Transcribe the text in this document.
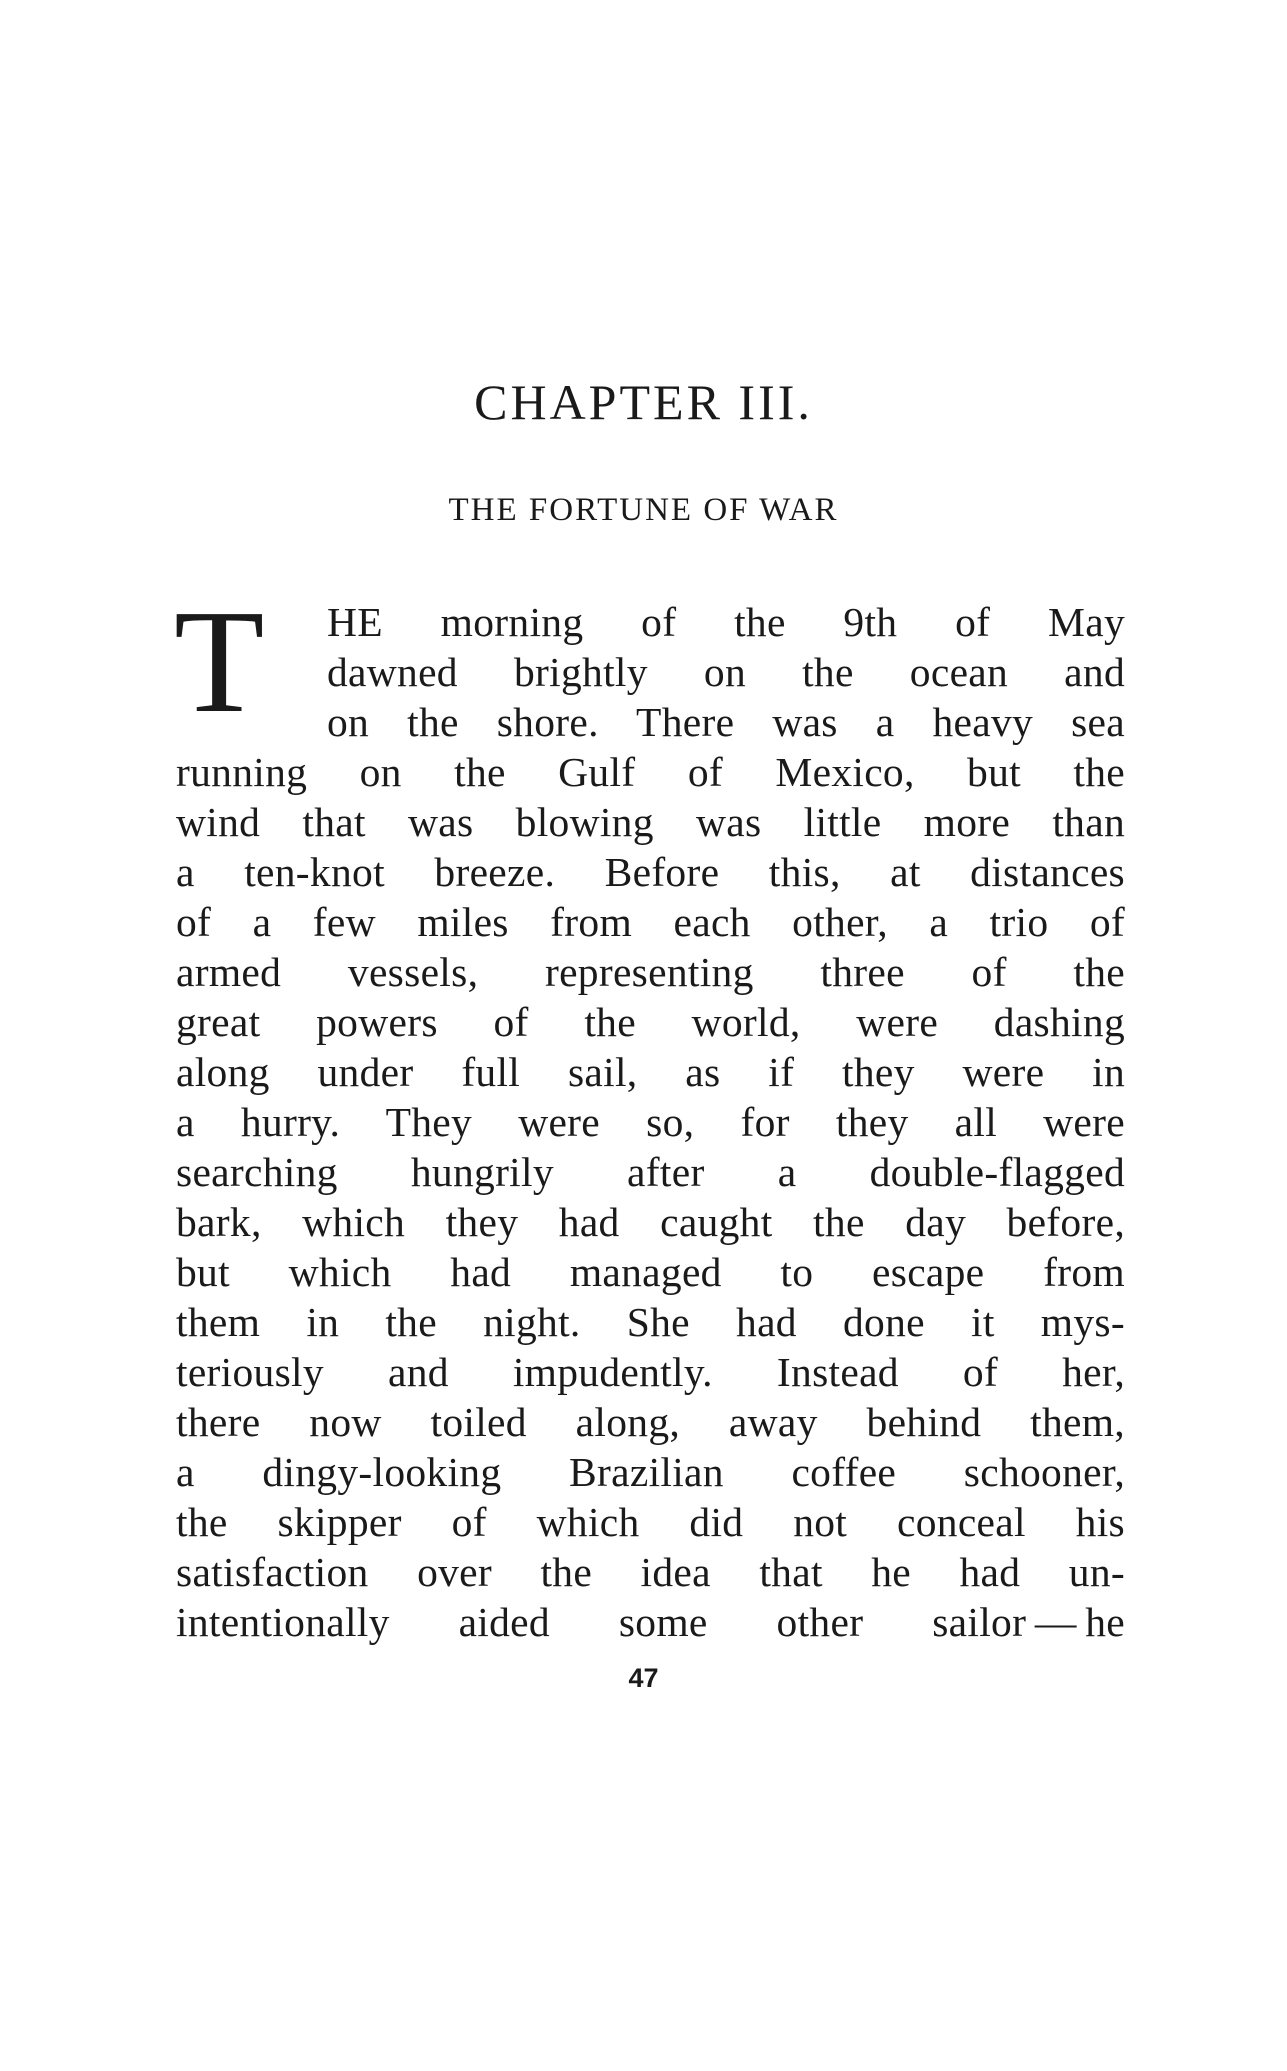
CHAPTER III.
THE FORTUNE OF WAR
T	HE morning of the 9th of May
dawned brightly on the ocean and
on the shore. There was a heavy sea
running on the Gulf of Mexico, but the
wind that was blowing was little more than
a ten-knot breeze. Before this, at distances
of a few miles from each other, a trio of
armed vessels, representing three of the
great powers of the world, were dashing
along under full sail, as if they were in
a hurry. They were so, for they all were
searching hungrily after a double-flagged
bark, which they had caught the day before,
but which had managed to escape from
them in the night. She had done it mys-
teriously and impudently. Instead of her,
there now toiled along, away behind them,
a dingy-looking Brazilian coffee schooner,
the skipper of which did not conceal his
satisfaction over the idea that he had un-
intentionally aided some other sailor — he
47
